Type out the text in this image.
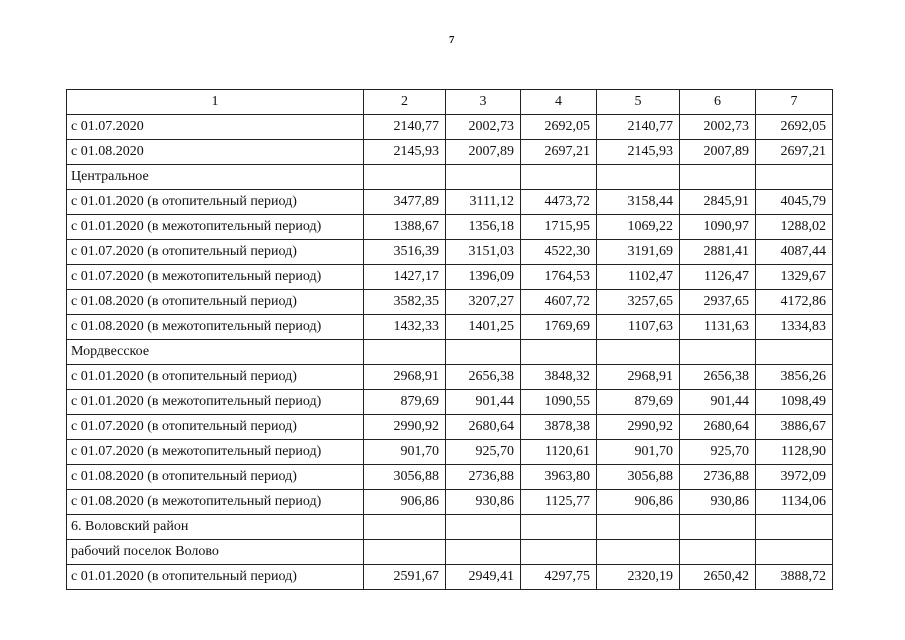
7
1	2	3	4	5	6	7
с 01.07.2020	2140,77	2002,73	2692,05	2140,77	2002,73	2692,05
с 01.08.2020	2145,93	2007,89	2697,21	2145,93	2007,89	2697,21
Центральное						
с 01.01.2020 (в отопительный период)	3477,89	3111,12	4473,72	3158,44	2845,91	4045,79
с 01.01.2020 (в межотопительный период)	1388,67	1356,18	1715,95	1069,22	1090,97	1288,02
с 01.07.2020 (в отопительный период)	3516,39	3151,03	4522,30	3191,69	2881,41	4087,44
с 01.07.2020 (в межотопительный период)	1427,17	1396,09	1764,53	1102,47	1126,47	1329,67
с 01.08.2020 (в отопительный период)	3582,35	3207,27	4607,72	3257,65	2937,65	4172,86
с 01.08.2020 (в межотопительный период)	1432,33	1401,25	1769,69	1107,63	1131,63	1334,83
Мордвесское						
с 01.01.2020 (в отопительный период)	2968,91	2656,38	3848,32	2968,91	2656,38	3856,26
с 01.01.2020 (в межотопительный период)	879,69	901,44	1090,55	879,69	901,44	1098,49
с 01.07.2020 (в отопительный период)	2990,92	2680,64	3878,38	2990,92	2680,64	3886,67
с 01.07.2020 (в межотопительный период)	901,70	925,70	1120,61	901,70	925,70	1128,90
с 01.08.2020 (в отопительный период)	3056,88	2736,88	3963,80	3056,88	2736,88	3972,09
с 01.08.2020 (в межотопительный период)	906,86	930,86	1125,77	906,86	930,86	1134,06
6. Воловский район						
рабочий поселок Волово						
с 01.01.2020 (в отопительный период)	2591,67	2949,41	4297,75	2320,19	2650,42	3888,72
